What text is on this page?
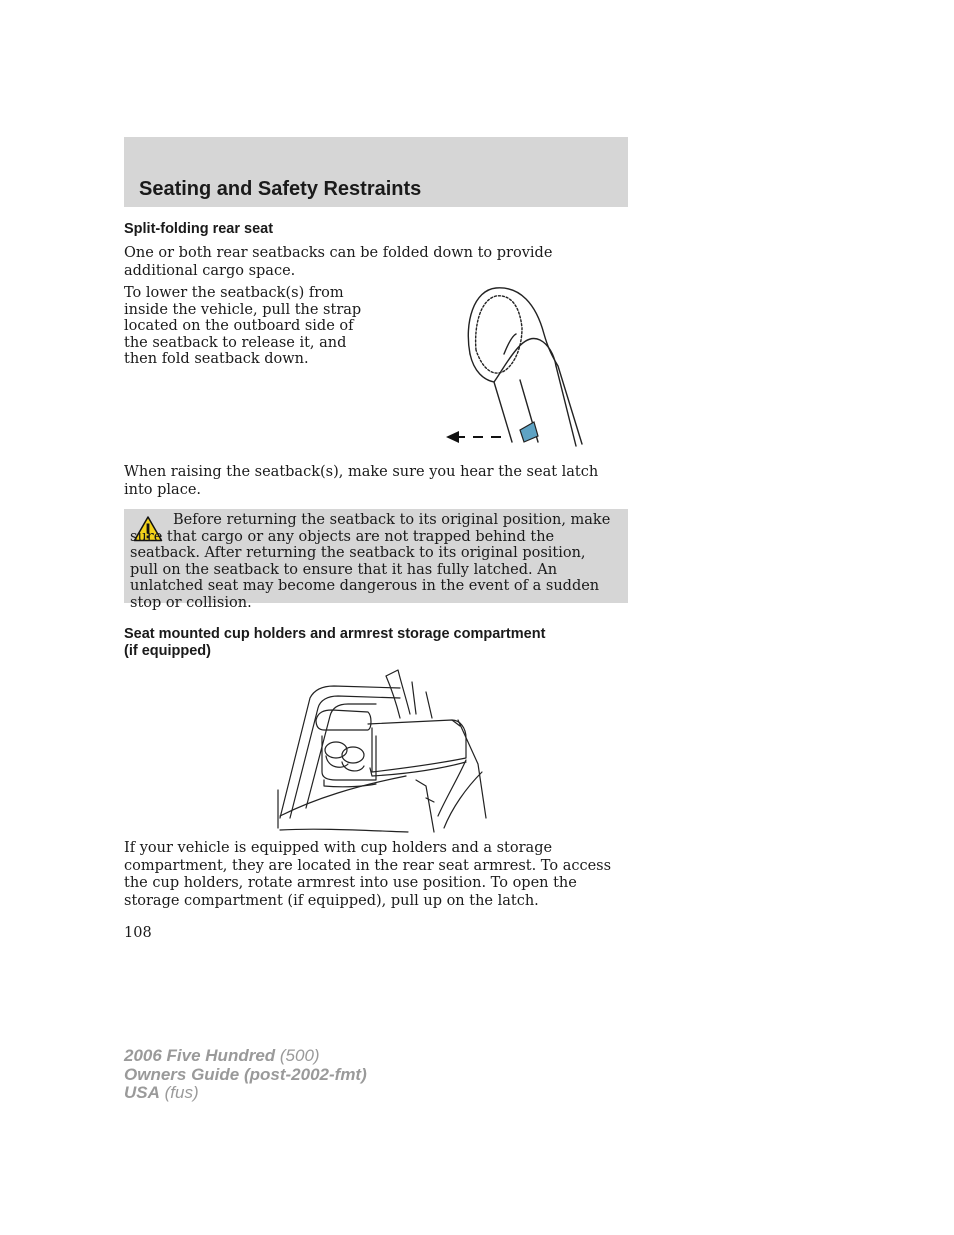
Seating and Safety Restraints
Split-folding rear seat
One or both rear seatbacks can be folded down to provide additional cargo space.
To lower the seatback(s) from inside the vehicle, pull the strap located on the outboard side of the seatback to release it, and then fold seatback down.
When raising the seatback(s), make sure you hear the seat latch into place.
Before returning the seatback to its original position, make sure that cargo or any objects are not trapped behind the seatback. After returning the seatback to its original position, pull on the seatback to ensure that it has fully latched. An unlatched seat may become dangerous in the event of a sudden stop or collision.
Seat mounted cup holders and armrest storage compartment
(if equipped)
If your vehicle is equipped with cup holders and a storage compartment, they are located in the rear seat armrest. To access the cup holders, rotate armrest into use position. To open the storage compartment (if equipped), pull up on the latch.
108
2006 Five Hundred (500)
Owners Guide (post-2002-fmt)
USA (fus)
